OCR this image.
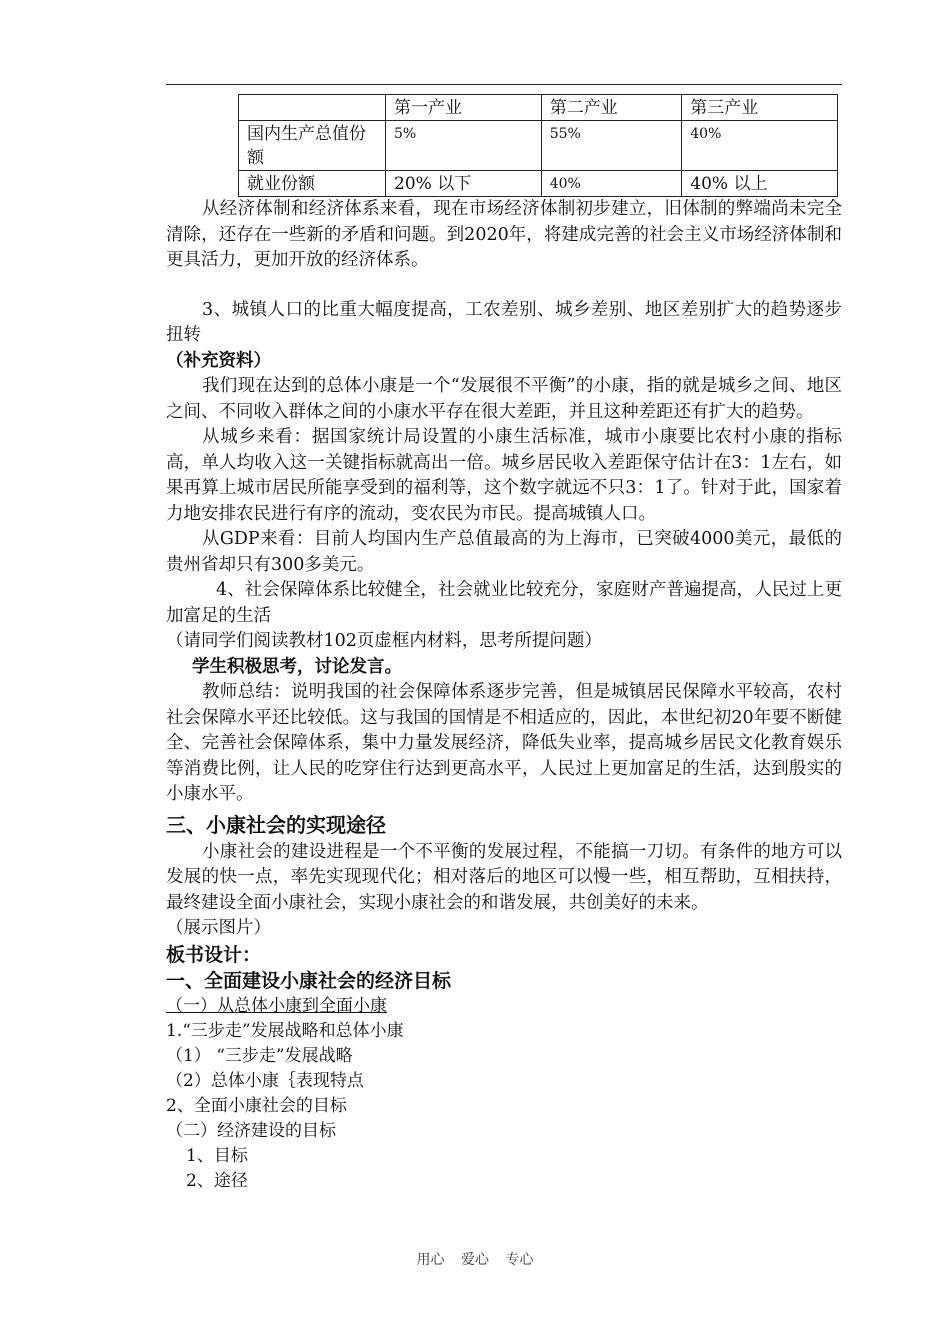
	第一产业	第二产业	第三产业
国内生产总值份额	5%	55%	40%
就业份额	20% 以下	40%	40% 以上

从经济体制和经济体系来看，现在市场经济体制初步建立，旧体制的弊端尚未完全清除，还存在一些新的矛盾和问题。到2020年，将建成完善的社会主义市场经济体制和更具活力，更加开放的经济体系。

3、城镇人口的比重大幅度提高，工农差别、城乡差别、地区差别扩大的趋势逐步扭转

（补充资料）

我们现在达到的总体小康是一个“发展很不平衡”的小康，指的就是城乡之间、地区之间、不同收入群体之间的小康水平存在很大差距，并且这种差距还有扩大的趋势。

从城乡来看：据国家统计局设置的小康生活标准，城市小康要比农村小康的指标高，单人均收入这一关键指标就高出一倍。城乡居民收入差距保守估计在3：1左右，如果再算上城市居民所能享受到的福利等，这个数字就远不只3：1了。针对于此，国家着力地安排农民进行有序的流动，变农民为市民。提高城镇人口。

从GDP来看：目前人均国内生产总值最高的为上海市，已突破4000美元，最低的贵州省却只有300多美元。

4、社会保障体系比较健全，社会就业比较充分，家庭财产普遍提高，人民过上更加富足的生活

（请同学们阅读教材102页虚框内材料，思考所提问题）

学生积极思考，讨论发言。

教师总结：说明我国的社会保障体系逐步完善，但是城镇居民保障水平较高，农村社会保障水平还比较低。这与我国的国情是不相适应的，因此，本世纪初20年要不断健全、完善社会保障体系，集中力量发展经济，降低失业率，提高城乡居民文化教育娱乐等消费比例，让人民的吃穿住行达到更高水平，人民过上更加富足的生活，达到殷实的小康水平。

三、小康社会的实现途径

小康社会的建设进程是一个不平衡的发展过程，不能搞一刀切。有条件的地方可以发展的快一点，率先实现现代化；相对落后的地区可以慢一些，相互帮助，互相扶持，最终建设全面小康社会，实现小康社会的和谐发展，共创美好的未来。

（展示图片）

板书设计：

一、全面建设小康社会的经济目标

（一）从总体小康到全面小康

1.“三步走”发展战略和总体小康

（1） “三步走”发展战略

（2）总体小康｛表现特点

2、全面小康社会的目标

（二）经济建设的目标

1、目标

2、途径

用心 爱心 专心
